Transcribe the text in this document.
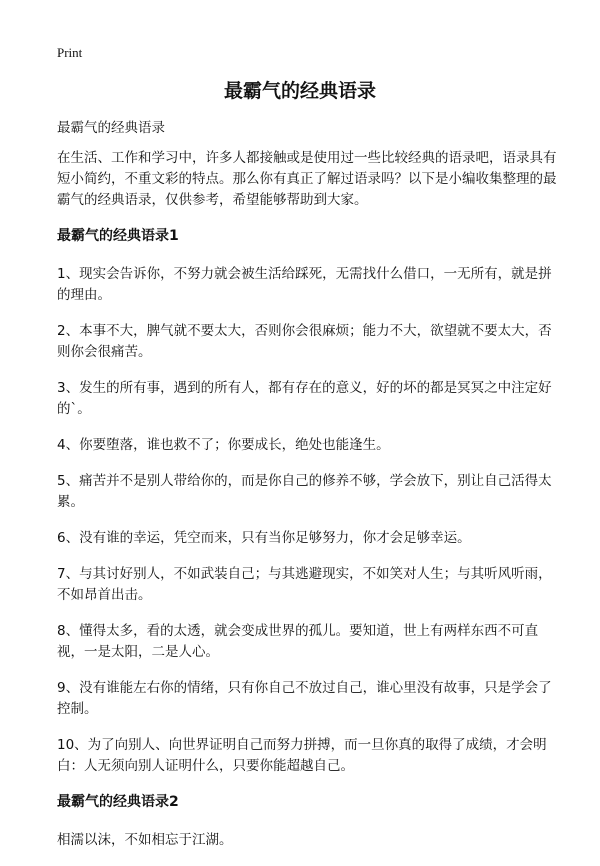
Print
最霸气的经典语录

最霸气的经典语录

在生活、工作和学习中，许多人都接触或是使用过一些比较经典的语录吧，语录具有短小简约，不重文彩的特点。那么你有真正了解过语录吗？以下是小编收集整理的最霸气的经典语录，仅供参考，希望能够帮助到大家。

最霸气的经典语录1

1、现实会告诉你，不努力就会被生活给踩死，无需找什么借口，一无所有，就是拼的理由。

2、本事不大，脾气就不要太大，否则你会很麻烦；能力不大，欲望就不要太大，否则你会很痛苦。

3、发生的所有事，遇到的所有人，都有存在的意义，好的坏的都是冥冥之中注定好的`。

4、你要堕落，谁也救不了；你要成长，绝处也能逢生。

5、痛苦并不是别人带给你的，而是你自己的修养不够，学会放下，别让自己活得太累。

6、没有谁的幸运，凭空而来，只有当你足够努力，你才会足够幸运。

7、与其讨好别人，不如武装自己；与其逃避现实，不如笑对人生；与其听风听雨，不如昂首出击。

8、懂得太多，看的太透，就会变成世界的孤儿。要知道，世上有两样东西不可直视，一是太阳，二是人心。

9、没有谁能左右你的情绪，只有你自己不放过自己，谁心里没有故事，只是学会了控制。

10、为了向别人、向世界证明自己而努力拼搏，而一旦你真的取得了成绩，才会明白：人无须向别人证明什么，只要你能超越自己。

最霸气的经典语录2

相濡以沫，不如相忘于江湖。
